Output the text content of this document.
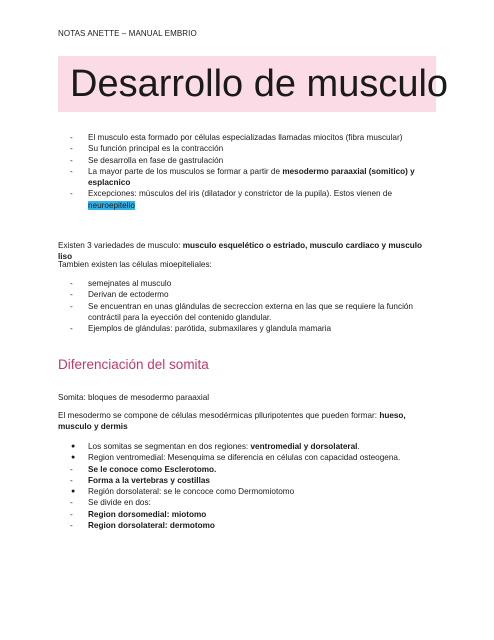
NOTAS ANETTE – MANUAL EMBRIO
Desarrollo de musculo
- El musculo esta formado por células especializadas llamadas miocitos (fibra muscular)
- Su función principal es la contracción
- Se desarrolla en fase de gastrulación
- La mayor parte de los musculos se formar a partir de mesodermo paraaxial (somitico) y esplacnico
- Excepciones: músculos del iris (dilatador y constrictor de la pupila). Estos vienen de neuroepitelio
Existen 3 variedades de musculo: musculo esquelético o estriado, musculo cardiaco y musculo liso
Tambien existen las células mioepiteliales:
- semejnates al musculo
- Derivan de ectodermo
- Se encuentran en unas glándulas de secreccion externa en las que se requiere la función contráctil para la eyección del contenido glandular.
- Ejemplos de glándulas: parótida, submaxilares y glandula mamaria
Diferenciación del somita
Somita: bloques de mesodermo paraaxial
El mesodermo se compone de células mesodérmicas plluripotentes que pueden formar: hueso, musculo y dermis
● Los somitas se segmentan en dos regiones: ventromedial y dorsolateral.
● Region ventromedial: Mesenquima se diferencia en células con capacidad osteogena.
- Se le conoce como Esclerotomo.
- Forma a la vertebras y costillas
● Región dorsolateral: se le concoce como Dermomiotomo
- Se divide en dos:
- Region dorsomedial: miotomo
- Region dorsolateral: dermotomo
